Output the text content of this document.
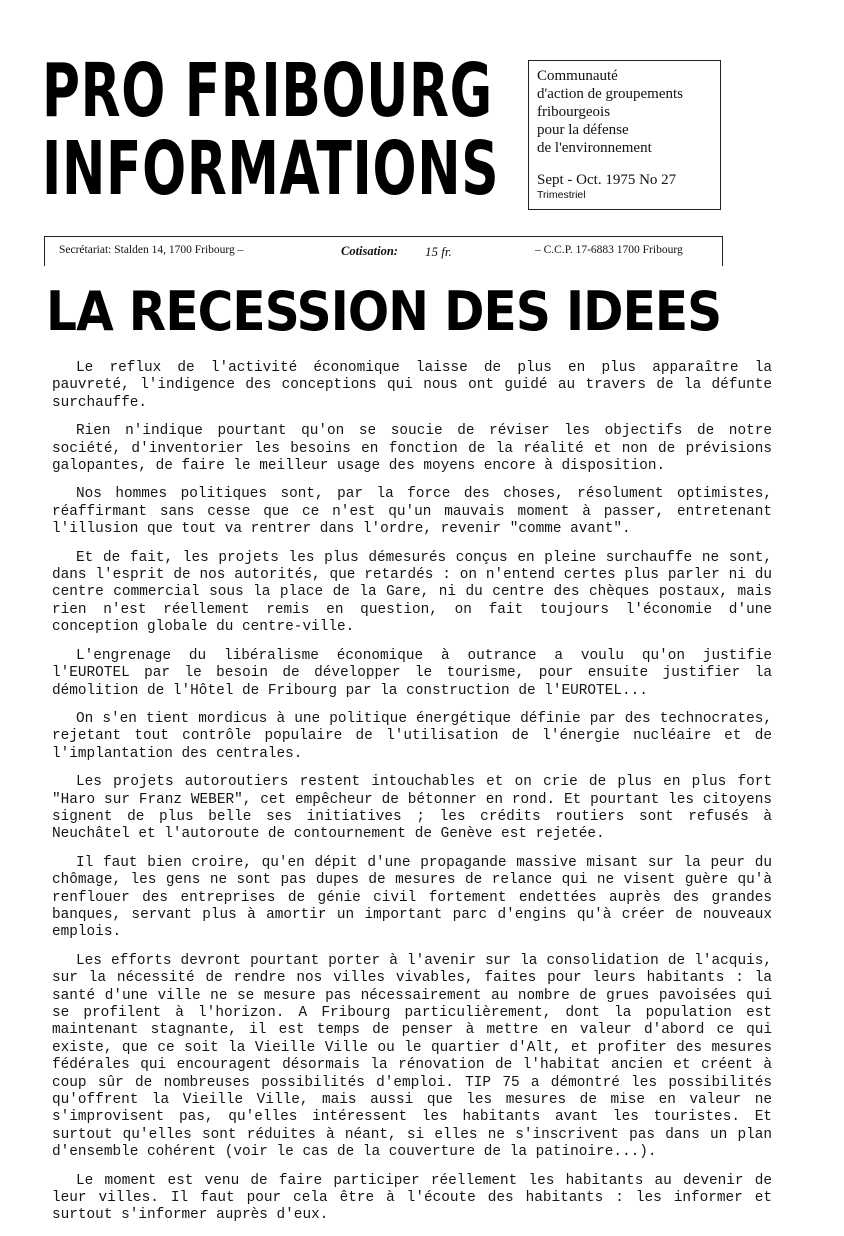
PRO FRIBOURG
INFORMATIONS
Communauté
d'action de groupements
fribourgeois
pour la défense
de l'environnement
Sept - Oct. 1975 No 27
Trimestriel
Secrétariat: Stalden 14, 1700 Fribourg –	Cotisation: 15 fr.	– C.C.P. 17-6883 1700 Fribourg
LA RECESSION DES IDEES

Le reflux de l'activité économique laisse de plus en plus apparaître la pauvreté, l'indigence des conceptions qui nous ont guidé au travers de la défunte surchauffe.

Rien n'indique pourtant qu'on se soucie de réviser les objectifs de notre société, d'inventorier les besoins en fonction de la réalité et non de prévisions galopantes, de faire le meilleur usage des moyens encore à disposition.

Nos hommes politiques sont, par la force des choses, résolument optimistes, réaffirmant sans cesse que ce n'est qu'un mauvais moment à passer, entretenant l'illusion que tout va rentrer dans l'ordre, revenir "comme avant".

Et de fait, les projets les plus démesurés conçus en pleine surchauffe ne sont, dans l'esprit de nos autorités, que retardés : on n'entend certes plus parler ni du centre commercial sous la place de la Gare, ni du centre des chèques postaux, mais rien n'est réellement remis en question, on fait toujours l'économie d'une conception globale du centre-ville.

L'engrenage du libéralisme économique à outrance a voulu qu'on justifie l'EUROTEL par le besoin de développer le tourisme, pour ensuite justifier la démolition de l'Hôtel de Fribourg par la construction de l'EUROTEL...

On s'en tient mordicus à une politique énergétique définie par des technocrates, rejetant tout contrôle populaire de l'utilisation de l'énergie nucléaire et de l'implantation des centrales.

Les projets autoroutiers restent intouchables et on crie de plus en plus fort "Haro sur Franz WEBER", cet empêcheur de bétonner en rond. Et pourtant les citoyens signent de plus belle ses initiatives ; les crédits routiers sont refusés à Neuchâtel et l'autoroute de contournement de Genève est rejetée.

Il faut bien croire, qu'en dépit d'une propagande massive misant sur la peur du chômage, les gens ne sont pas dupes de mesures de relance qui ne visent guère qu'à renflouer des entreprises de génie civil fortement endettées auprès des grandes banques, servant plus à amortir un important parc d'engins qu'à créer de nouveaux emplois.

Les efforts devront pourtant porter à l'avenir sur la consolidation de l'acquis, sur la nécessité de rendre nos villes vivables, faites pour leurs habitants : la santé d'une ville ne se mesure pas nécessairement au nombre de grues pavoisées qui se profilent à l'horizon. A Fribourg particulièrement, dont la population est maintenant stagnante, il est temps de penser à mettre en valeur d'abord ce qui existe, que ce soit la Vieille Ville ou le quartier d'Alt, et profiter des mesures fédérales qui encouragent désormais la rénovation de l'habitat ancien et créent à coup sûr de nombreuses possibilités d'emploi. TIP 75 a démontré les possibilités qu'offrent la Vieille Ville, mais aussi que les mesures de mise en valeur ne s'improvisent pas, qu'elles intéressent les habitants avant les touristes. Et surtout qu'elles sont réduites à néant, si elles ne s'inscrivent pas dans un plan d'ensemble cohérent (voir le cas de la couverture de la patinoire...).

Le moment est venu de faire participer réellement les habitants au devenir de leur villes. Il faut pour cela être à l'écoute des habitants : les informer et surtout s'informer auprès d'eux.
